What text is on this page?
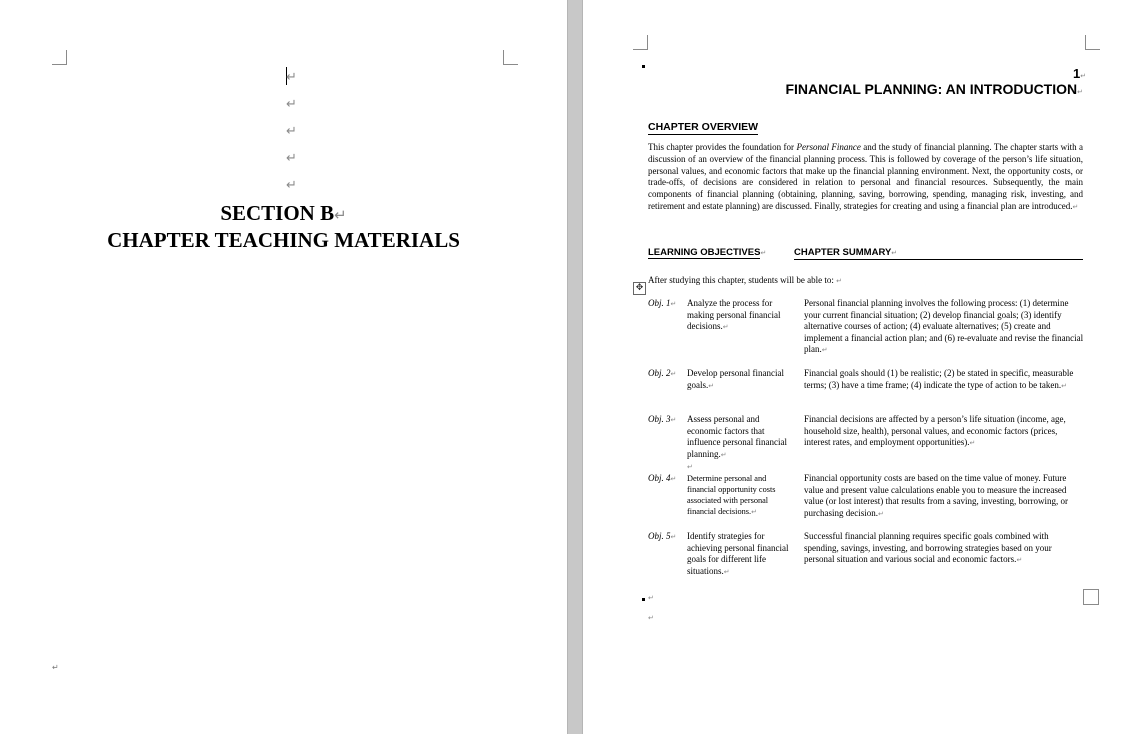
↵
↵
↵
↵
↵
SECTION B↵
CHAPTER TEACHING MATERIALS
↵
1↵
FINANCIAL PLANNING: AN INTRODUCTION↵
CHAPTER OVERVIEW
This chapter provides the foundation for Personal Finance and the study of financial planning. The chapter starts with a discussion of an overview of the financial planning process. This is followed by coverage of the person’s life situation, personal values, and economic factors that make up the financial planning environment. Next, the opportunity costs, or trade-offs, of decisions are considered in relation to personal and financial resources. Subsequently, the main components of financial planning (obtaining, planning, saving, borrowing, spending, managing risk, investing, and retirement and estate planning) are discussed. Finally, strategies for creating and using a financial plan are introduced.↵
LEARNING OBJECTIVES↵	CHAPTER SUMMARY↵
✥
After studying this chapter, students will be able to: ↵
Obj. 1↵ Analyze the process for making personal financial decisions.↵
Personal financial planning involves the following process: (1) determine your current financial situation; (2) develop financial goals; (3) identify alternative courses of action; (4) evaluate alternatives; (5) create and implement a financial action plan; and (6) re-evaluate and revise the financial plan.↵
Obj. 2↵ Develop personal financial goals.↵
Financial goals should (1) be realistic; (2) be stated in specific, measurable terms; (3) have a time frame; (4) indicate the type of action to be taken.↵
Obj. 3↵ Assess personal and economic factors that influence personal financial planning.↵
↵
Financial decisions are affected by a person’s life situation (income, age, household size, health), personal values, and economic factors (prices, interest rates, and employment opportunities).↵
Obj. 4↵ Determine personal and financial opportunity costs associated with personal financial decisions.↵
Financial opportunity costs are based on the time value of money. Future value and present value calculations enable you to measure the increased value (or lost interest) that results from a saving, investing, borrowing, or purchasing decision.↵
Obj. 5↵ Identify strategies for achieving personal financial goals for different life situations.↵
Successful financial planning requires specific goals combined with spending, savings, investing, and borrowing strategies based on your personal situation and various social and economic factors.↵
↵
↵
